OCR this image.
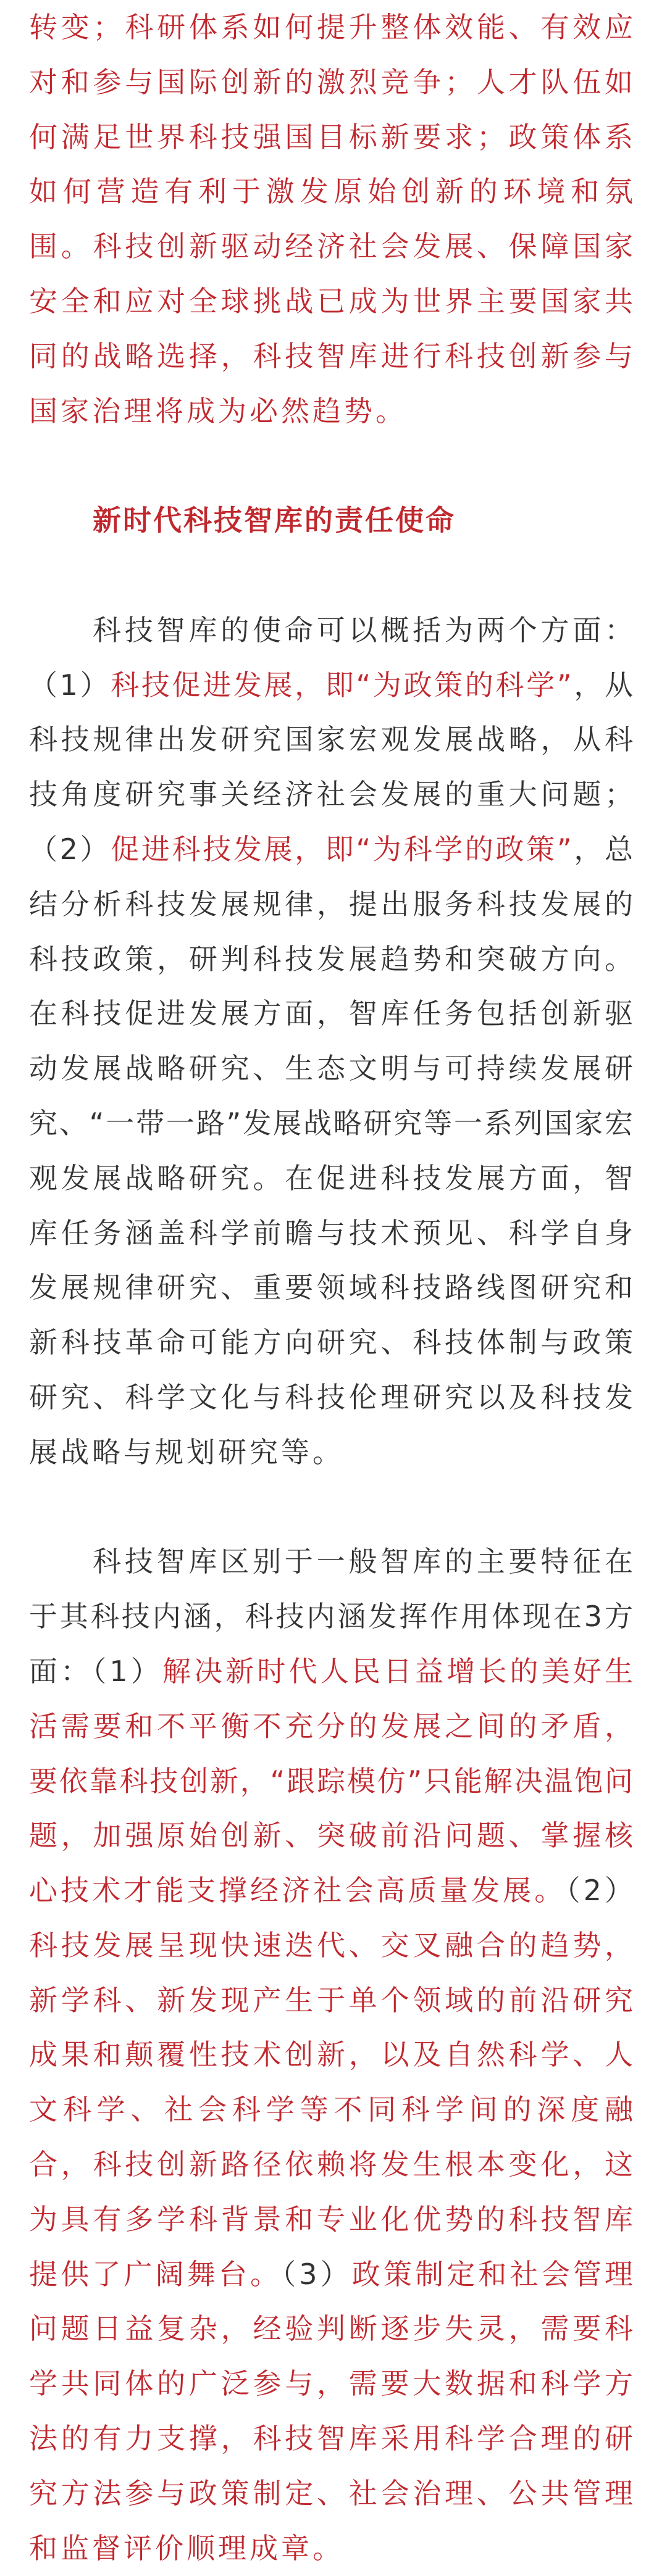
转变；科研体系如何提升整体效能、有效应
对和参与国际创新的激烈竞争；人才队伍如
何满足世界科技强国目标新要求；政策体系
如何营造有利于激发原始创新的环境和氛
围。科技创新驱动经济社会发展、保障国家
安全和应对全球挑战已成为世界主要国家共
同的战略选择，科技智库进行科技创新参与
国家治理将成为必然趋势。
新时代科技智库的责任使命
科技智库的使命可以概括为两个方面：
（1）科技促进发展，即“为政策的科学”，从
科技规律出发研究国家宏观发展战略，从科
技角度研究事关经济社会发展的重大问题；
（2）促进科技发展，即“为科学的政策”，总
结分析科技发展规律，提出服务科技发展的
科技政策，研判科技发展趋势和突破方向。
在科技促进发展方面，智库任务包括创新驱
动发展战略研究、生态文明与可持续发展研
究、“一带一路”发展战略研究等一系列国家宏
观发展战略研究。在促进科技发展方面，智
库任务涵盖科学前瞻与技术预见、科学自身
发展规律研究、重要领域科技路线图研究和
新科技革命可能方向研究、科技体制与政策
研究、科学文化与科技伦理研究以及科技发
展战略与规划研究等。
科技智库区别于一般智库的主要特征在
于其科技内涵，科技内涵发挥作用体现在3方
面：（1）解决新时代人民日益增长的美好生
活需要和不平衡不充分的发展之间的矛盾，
要依靠科技创新，“跟踪模仿”只能解决温饱问
题，加强原始创新、突破前沿问题、掌握核
心技术才能支撑经济社会高质量发展。（2）
科技发展呈现快速迭代、交叉融合的趋势，
新学科、新发现产生于单个领域的前沿研究
成果和颠覆性技术创新，以及自然科学、人
文科学、社会科学等不同科学间的深度融
合，科技创新路径依赖将发生根本变化，这
为具有多学科背景和专业化优势的科技智库
提供了广阔舞台。（3）政策制定和社会管理
问题日益复杂，经验判断逐步失灵，需要科
学共同体的广泛参与，需要大数据和科学方
法的有力支撑，科技智库采用科学合理的研
究方法参与政策制定、社会治理、公共管理
和监督评价顺理成章。
